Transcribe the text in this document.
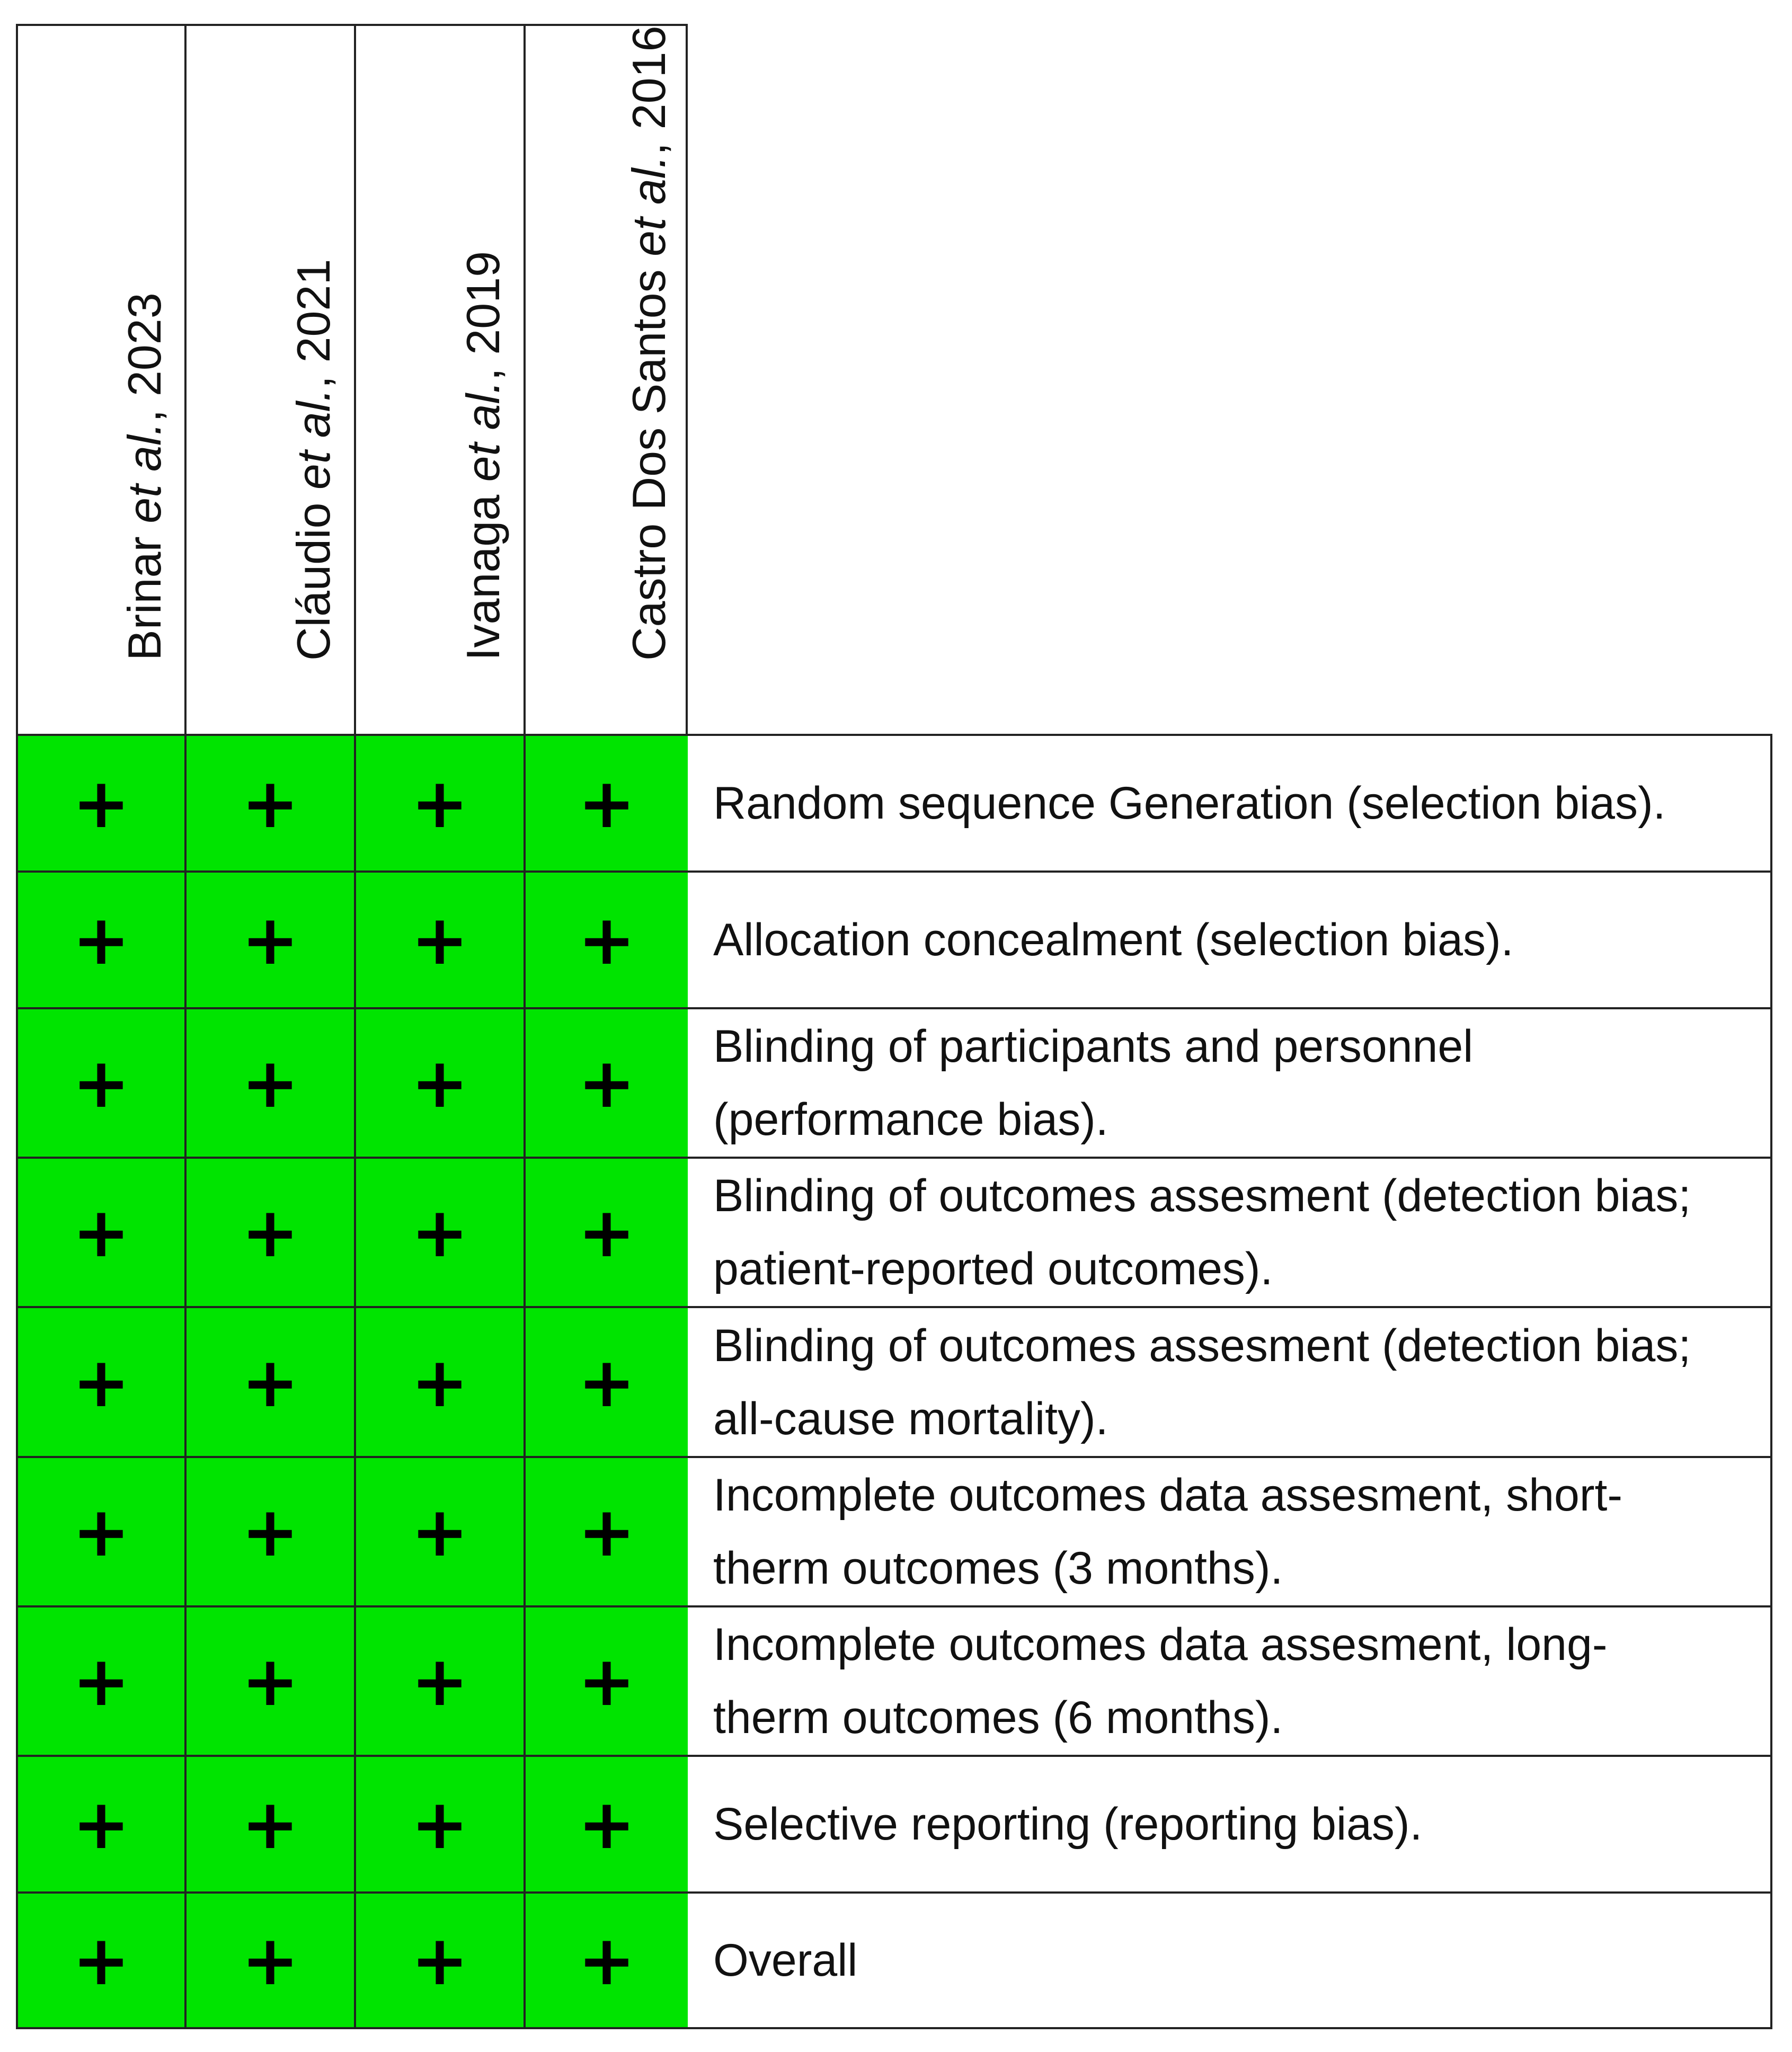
Brinar et al., 2023
Cláudio et al., 2021
Ivanaga et al., 2019 Castro Dos Santos et al., 2016
+ + + + Random sequence Generation (selection bias).
+ + + + Allocation concealment (selection bias).
+ + + + Blinding of participants and personnel
(performance bias).
+ + + + Blinding of outcomes assesment (detection bias;
patient-reported outcomes).
+ + + + Blinding of outcomes assesment (detection bias;
all-cause mortality).
+ + + + Incomplete outcomes data assesment, short-
therm outcomes (3 months).
+ + + + Incomplete outcomes data assesment, long-
therm outcomes (6 months).
+ + + + Selective reporting (reporting bias).
+ + + + Overall
